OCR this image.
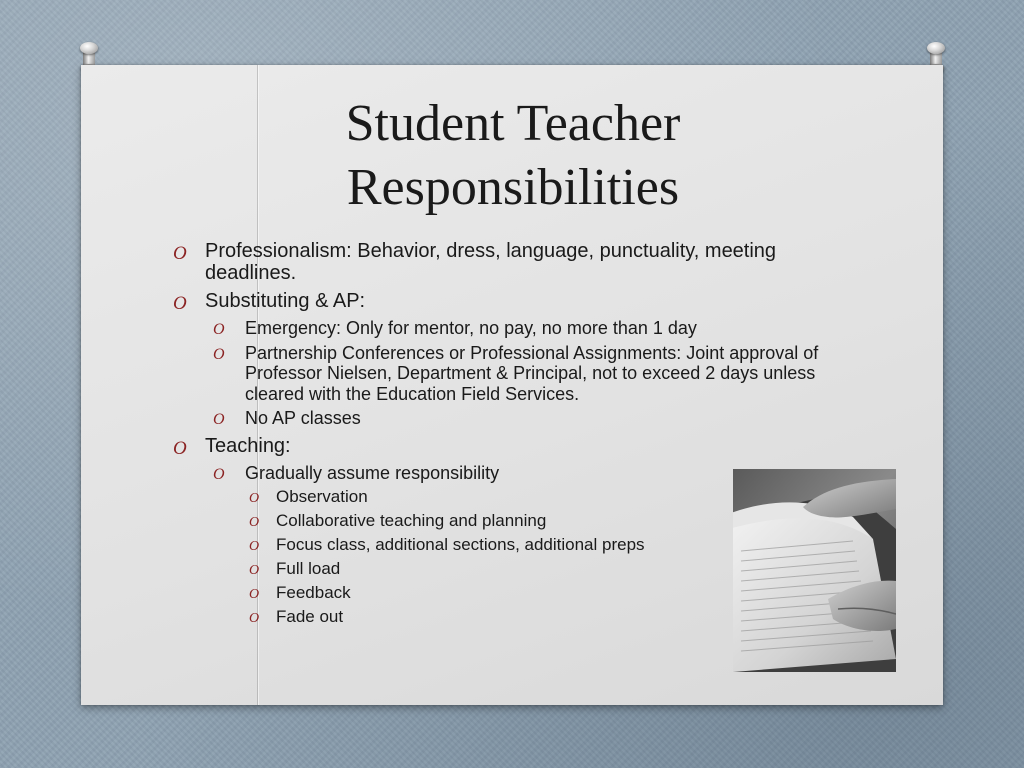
Student Teacher
Responsibilities
O Professionalism: Behavior, dress, language, punctuality, meeting deadlines.
O Substituting & AP:
O Emergency: Only for mentor, no pay, no more than 1 day
O Partnership Conferences or Professional Assignments: Joint approval of Professor Nielsen, Department & Principal, not to exceed 2 days unless cleared with the Education Field Services.
O No AP classes
O Teaching:
O Gradually assume responsibility
O Observation
O Collaborative teaching and planning
O Focus class, additional sections, additional preps
O Full load
O Feedback
O Fade out
